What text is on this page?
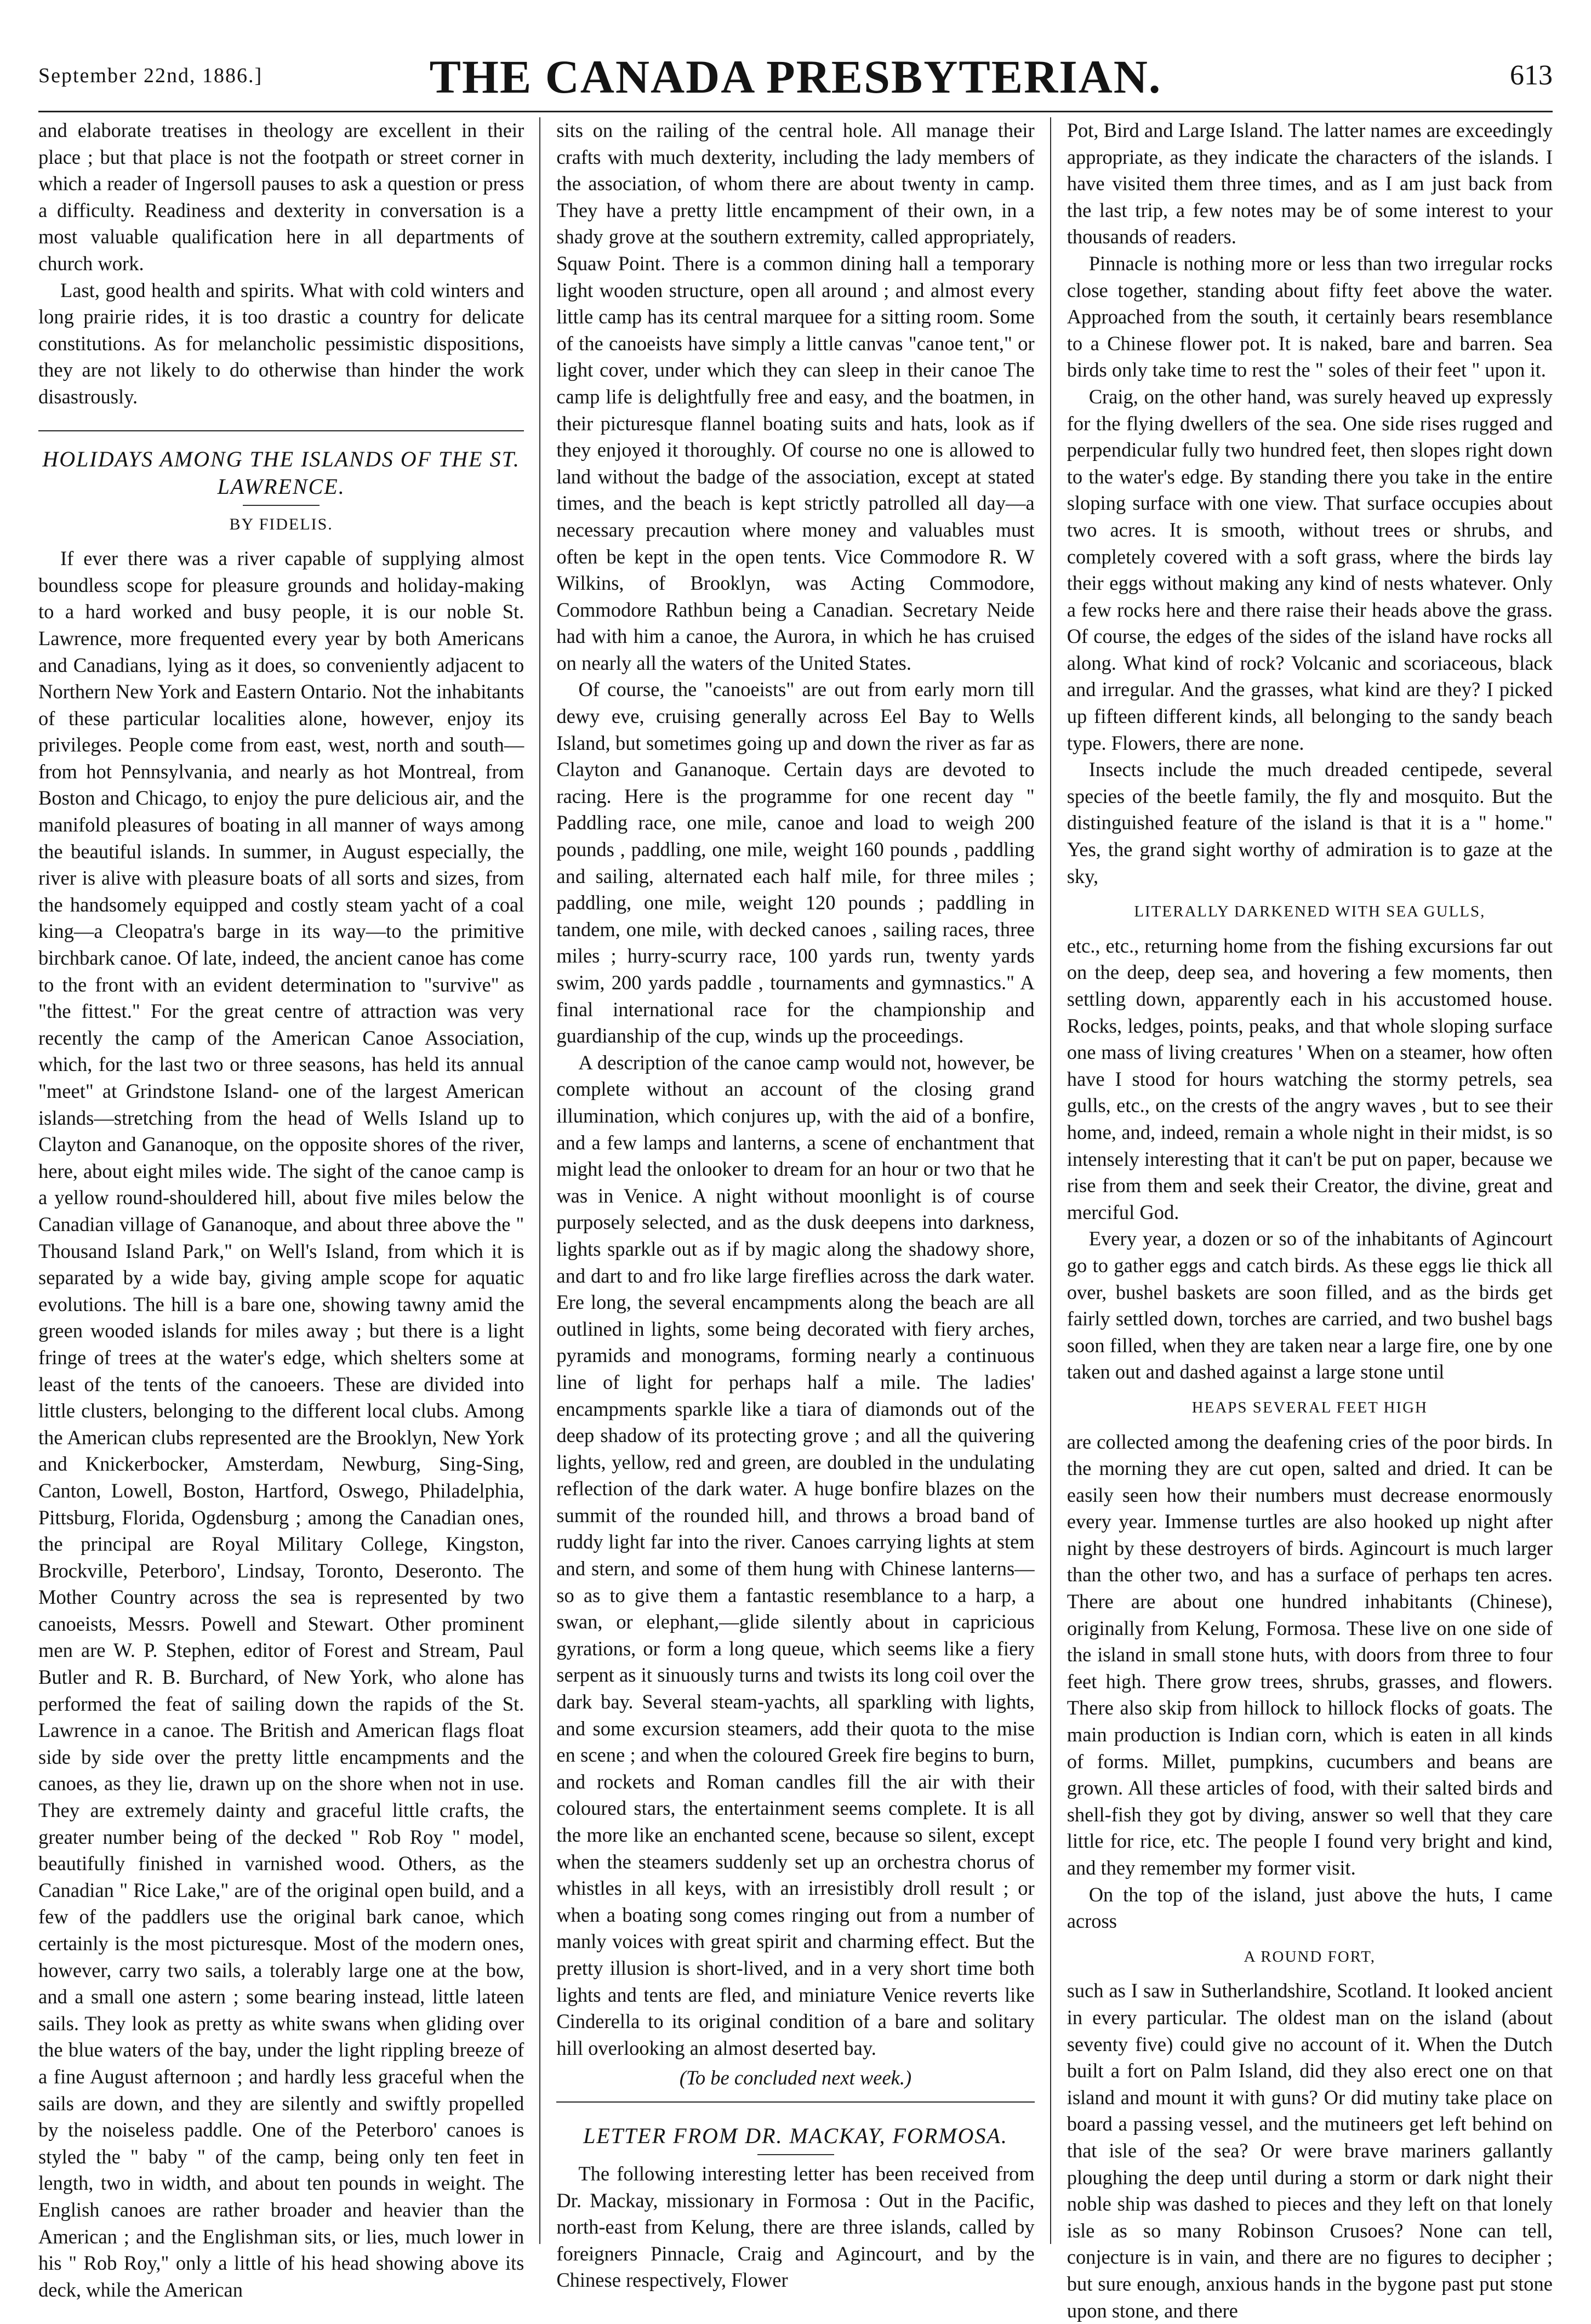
September 22nd, 1886.]	THE CANADA PRESBYTERIAN.	613

and elaborate treatises in theology are excellent in their place ; but that place is not the footpath or street corner in which a reader of Ingersoll pauses to ask a question or press a difficulty. Readiness and dexterity in conversation is a most valuable qualification here in all departments of church work.

Last, good health and spirits. What with cold winters and long prairie rides, it is too drastic a country for delicate constitutions. As for melancholic pessimistic dispositions, they are not likely to do otherwise than hinder the work disastrously.

HOLIDAYS AMONG THE ISLANDS OF THE ST. LAWRENCE.
BY FIDELIS.

If ever there was a river capable of supplying almost boundless scope for pleasure grounds and holiday-making to a hard worked and busy people, it is our noble St. Lawrence, more frequented every year by both Americans and Canadians, lying as it does, so conveniently adjacent to Northern New York and Eastern Ontario. Not the inhabitants of these particular localities alone, however, enjoy its privileges. People come from east, west, north and south— from hot Pennsylvania, and nearly as hot Montreal, from Boston and Chicago, to enjoy the pure delicious air, and the manifold pleasures of boating in all manner of ways among the beautiful islands. In summer, in August especially, the river is alive with pleasure boats of all sorts and sizes, from the handsomely equipped and costly steam yacht of a coal king—a Cleopatra's barge in its way—to the primitive birchbark canoe. Of late, indeed, the ancient canoe has come to the front with an evident determination to "survive" as "the fittest." For the great centre of attraction was very recently the camp of the American Canoe Association, which, for the last two or three seasons, has held its annual "meet" at Grindstone Island- one of the largest American islands—stretching from the head of Wells Island up to Clayton and Gananoque, on the opposite shores of the river, here, about eight miles wide. The sight of the canoe camp is a yellow round-shouldered hill, about five miles below the Canadian village of Gananoque, and about three above the " Thousand Island Park," on Well's Island, from which it is separated by a wide bay, giving ample scope for aquatic evolutions. The hill is a bare one, showing tawny amid the green wooded islands for miles away ; but there is a light fringe of trees at the water's edge, which shelters some at least of the tents of the canoeers. These are divided into little clusters, belonging to the different local clubs. Among the American clubs represented are the Brooklyn, New York and Knickerbocker, Amsterdam, Newburg, Sing-Sing, Canton, Lowell, Boston, Hartford, Oswego, Philadelphia, Pittsburg, Florida, Ogdensburg ; among the Canadian ones, the principal are Royal Military College, Kingston, Brockville, Peterboro', Lindsay, Toronto, Deseronto. The Mother Country across the sea is represented by two canoeists, Messrs. Powell and Stewart. Other prominent men are W. P. Stephen, editor of Forest and Stream, Paul Butler and R. B. Burchard, of New York, who alone has performed the feat of sailing down the rapids of the St. Lawrence in a canoe. The British and American flags float side by side over the pretty little encampments and the canoes, as they lie, drawn up on the shore when not in use. They are extremely dainty and graceful little crafts, the greater number being of the decked " Rob Roy " model, beautifully finished in varnished wood. Others, as the Canadian " Rice Lake," are of the original open build, and a few of the paddlers use the original bark canoe, which certainly is the most picturesque. Most of the modern ones, however, carry two sails, a tolerably large one at the bow, and a small one astern ; some bearing instead, little lateen sails. They look as pretty as white swans when gliding over the blue waters of the bay, under the light rippling breeze of a fine August afternoon ; and hardly less graceful when the sails are down, and they are silently and swiftly propelled by the noiseless paddle. One of the Peterboro' canoes is styled the " baby " of the camp, being only ten feet in length, two in width, and about ten pounds in weight. The English canoes are rather broader and heavier than the American ; and the Englishman sits, or lies, much lower in his " Rob Roy," only a little of his head showing above its deck, while the American

sits on the railing of the central hole. All manage their crafts with much dexterity, including the lady members of the association, of whom there are about twenty in camp. They have a pretty little encampment of their own, in a shady grove at the southern extremity, called appropriately, Squaw Point. There is a common dining hall a temporary light wooden structure, open all around ; and almost every little camp has its central marquee for a sitting room. Some of the canoeists have simply a little canvas "canoe tent," or light cover, under which they can sleep in their canoe The camp life is delightfully free and easy, and the boatmen, in their picturesque flannel boating suits and hats, look as if they enjoyed it thoroughly. Of course no one is allowed to land without the badge of the association, except at stated times, and the beach is kept strictly patrolled all day—a necessary precaution where money and valuables must often be kept in the open tents. Vice Commodore R. W Wilkins, of Brooklyn, was Acting Commodore, Commodore Rathbun being a Canadian. Secretary Neide had with him a canoe, the Aurora, in which he has cruised on nearly all the waters of the United States.

Of course, the "canoeists" are out from early morn till dewy eve, cruising generally across Eel Bay to Wells Island, but sometimes going up and down the river as far as Clayton and Gananoque. Certain days are devoted to racing. Here is the programme for one recent day " Paddling race, one mile, canoe and load to weigh 200 pounds , paddling, one mile, weight 160 pounds , paddling and sailing, alternated each half mile, for three miles ; paddling, one mile, weight 120 pounds ; paddling in tandem, one mile, with decked canoes , sailing races, three miles ; hurry-scurry race, 100 yards run, twenty yards swim, 200 yards paddle , tournaments and gymnastics." A final international race for the championship and guardianship of the cup, winds up the proceedings.

A description of the canoe camp would not, however, be complete without an account of the closing grand illumination, which conjures up, with the aid of a bonfire, and a few lamps and lanterns, a scene of enchantment that might lead the onlooker to dream for an hour or two that he was in Venice. A night without moonlight is of course purposely selected, and as the dusk deepens into darkness, lights sparkle out as if by magic along the shadowy shore, and dart to and fro like large fireflies across the dark water. Ere long, the several encampments along the beach are all outlined in lights, some being decorated with fiery arches, pyramids and monograms, forming nearly a continuous line of light for perhaps half a mile. The ladies' encampments sparkle like a tiara of diamonds out of the deep shadow of its protecting grove ; and all the quivering lights, yellow, red and green, are doubled in the undulating reflection of the dark water. A huge bonfire blazes on the summit of the rounded hill, and throws a broad band of ruddy light far into the river. Canoes carrying lights at stem and stern, and some of them hung with Chinese lanterns—so as to give them a fantastic resemblance to a harp, a swan, or elephant,—glide silently about in capricious gyrations, or form a long queue, which seems like a fiery serpent as it sinuously turns and twists its long coil over the dark bay. Several steam-yachts, all sparkling with lights, and some excursion steamers, add their quota to the mise en scene ; and when the coloured Greek fire begins to burn, and rockets and Roman candles fill the air with their coloured stars, the entertainment seems complete. It is all the more like an enchanted scene, because so silent, except when the steamers suddenly set up an orchestra chorus of whistles in all keys, with an irresistibly droll result ; or when a boating song comes ringing out from a number of manly voices with great spirit and charming effect. But the pretty illusion is short-lived, and in a very short time both lights and tents are fled, and miniature Venice reverts like Cinderella to its original condition of a bare and solitary hill overlooking an almost deserted bay.

(To be concluded next week.)
LETTER FROM DR. MACKAY, FORMOSA.

The following interesting letter has been received from Dr. Mackay, missionary in Formosa : Out in the Pacific, north-east from Kelung, there are three islands, called by foreigners Pinnacle, Craig and Agincourt, and by the Chinese respectively, Flower

Pot, Bird and Large Island. The latter names are exceedingly appropriate, as they indicate the characters of the islands. I have visited them three times, and as I am just back from the last trip, a few notes may be of some interest to your thousands of readers.

Pinnacle is nothing more or less than two irregular rocks close together, standing about fifty feet above the water. Approached from the south, it certainly bears resemblance to a Chinese flower pot. It is naked, bare and barren. Sea birds only take time to rest the " soles of their feet " upon it.

Craig, on the other hand, was surely heaved up expressly for the flying dwellers of the sea. One side rises rugged and perpendicular fully two hundred feet, then slopes right down to the water's edge. By standing there you take in the entire sloping surface with one view. That surface occupies about two acres. It is smooth, without trees or shrubs, and completely covered with a soft grass, where the birds lay their eggs without making any kind of nests whatever. Only a few rocks here and there raise their heads above the grass. Of course, the edges of the sides of the island have rocks all along. What kind of rock? Volcanic and scoriaceous, black and irregular. And the grasses, what kind are they? I picked up fifteen different kinds, all belonging to the sandy beach type. Flowers, there are none.

Insects include the much dreaded centipede, several species of the beetle family, the fly and mosquito. But the distinguished feature of the island is that it is a " home." Yes, the grand sight worthy of admiration is to gaze at the sky,

LITERALLY DARKENED WITH SEA GULLS,

etc., etc., returning home from the fishing excursions far out on the deep, deep sea, and hovering a few moments, then settling down, apparently each in his accustomed house. Rocks, ledges, points, peaks, and that whole sloping surface one mass of living creatures ' When on a steamer, how often have I stood for hours watching the stormy petrels, sea gulls, etc., on the crests of the angry waves , but to see their home, and, indeed, remain a whole night in their midst, is so intensely interesting that it can't be put on paper, because we rise from them and seek their Creator, the divine, great and merciful God.

Every year, a dozen or so of the inhabitants of Agincourt go to gather eggs and catch birds. As these eggs lie thick all over, bushel baskets are soon filled, and as the birds get fairly settled down, torches are carried, and two bushel bags soon filled, when they are taken near a large fire, one by one taken out and dashed against a large stone until

HEAPS SEVERAL FEET HIGH

are collected among the deafening cries of the poor birds. In the morning they are cut open, salted and dried. It can be easily seen how their numbers must decrease enormously every year. Immense turtles are also hooked up night after night by these destroyers of birds. Agincourt is much larger than the other two, and has a surface of perhaps ten acres. There are about one hundred inhabitants (Chinese), originally from Kelung, Formosa. These live on one side of the island in small stone huts, with doors from three to four feet high. There grow trees, shrubs, grasses, and flowers. There also skip from hillock to hillock flocks of goats. The main production is Indian corn, which is eaten in all kinds of forms. Millet, pumpkins, cucumbers and beans are grown. All these articles of food, with their salted birds and shell-fish they got by diving, answer so well that they care little for rice, etc. The people I found very bright and kind, and they remember my former visit.

On the top of the island, just above the huts, I came across

A ROUND FORT,

such as I saw in Sutherlandshire, Scotland. It looked ancient in every particular. The oldest man on the island (about seventy five) could give no account of it. When the Dutch built a fort on Palm Island, did they also erect one on that island and mount it with guns? Or did mutiny take place on board a passing vessel, and the mutineers get left behind on that isle of the sea? Or were brave mariners gallantly ploughing the deep until during a storm or dark night their noble ship was dashed to pieces and they left on that lonely isle as so many Robinson Crusoes? None can tell, conjecture is in vain, and there are no figures to decipher ; but sure enough, anxious hands in the bygone past put stone upon stone, and there
